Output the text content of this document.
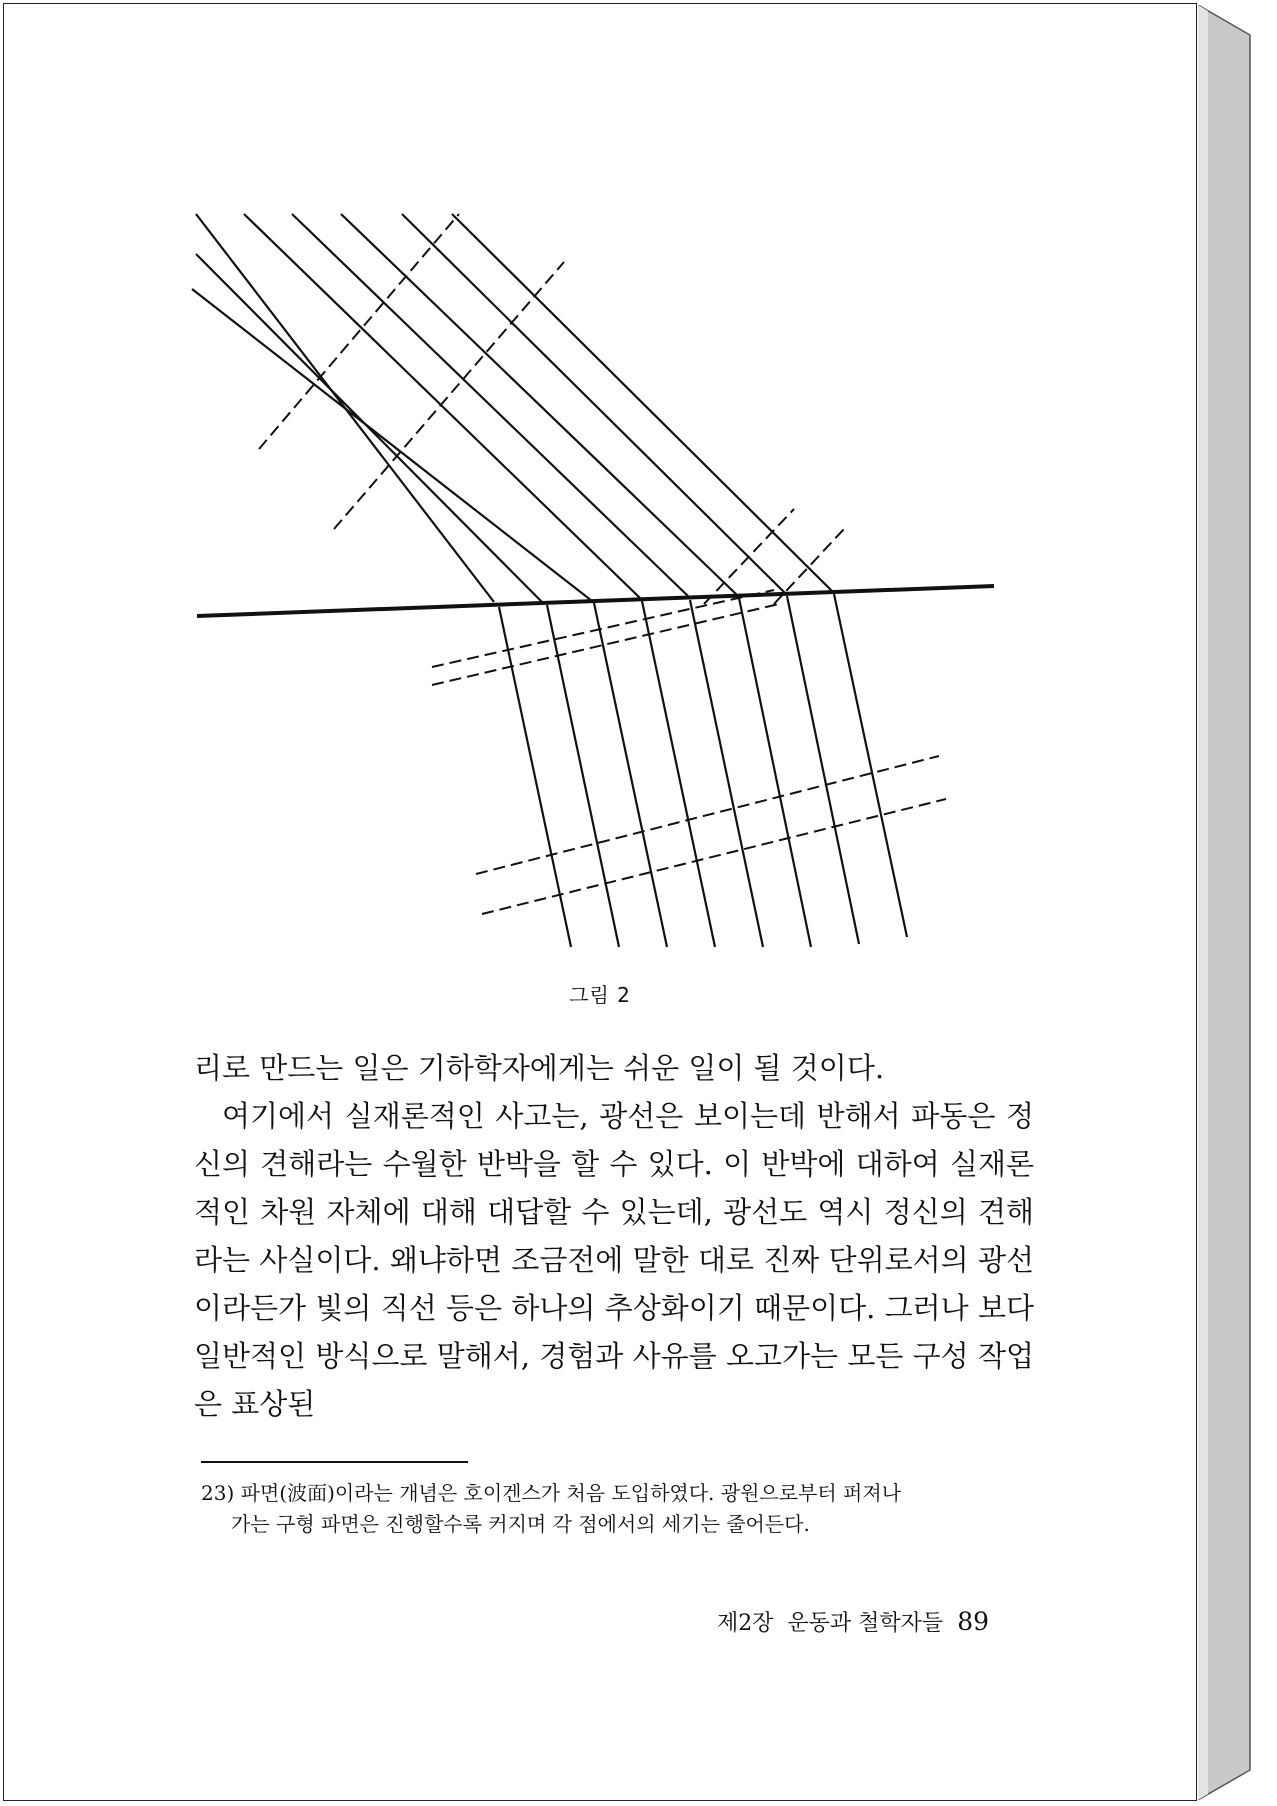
그림 2

리로 만드는 일은 기하학자에게는 쉬운 일이 될 것이다.

여기에서 실재론적인 사고는, 광선은 보이는데 반해서 파동은 정신의 견해라는 수월한 반박을 할 수 있다. 이 반박에 대하여 실재론적인 차원 자체에 대해 대답할 수 있는데, 광선도 역시 정신의 견해라는 사실이다. 왜냐하면 조금전에 말한 대로 진짜 단위로서의 광선이라든가 빛의 직선 등은 하나의 추상화이기 때문이다. 그러나 보다 일반적인 방식으로 말해서, 경험과 사유를 오고가는 모든 구성 작업은 표상된

23) 파면(波面)이라는 개념은 호이겐스가 처음 도입하였다. 광원으로부터 퍼져나
가는 구형 파면은 진행할수록 커지며 각 점에서의 세기는 줄어든다.
제2장  운동과 철학자들 89
